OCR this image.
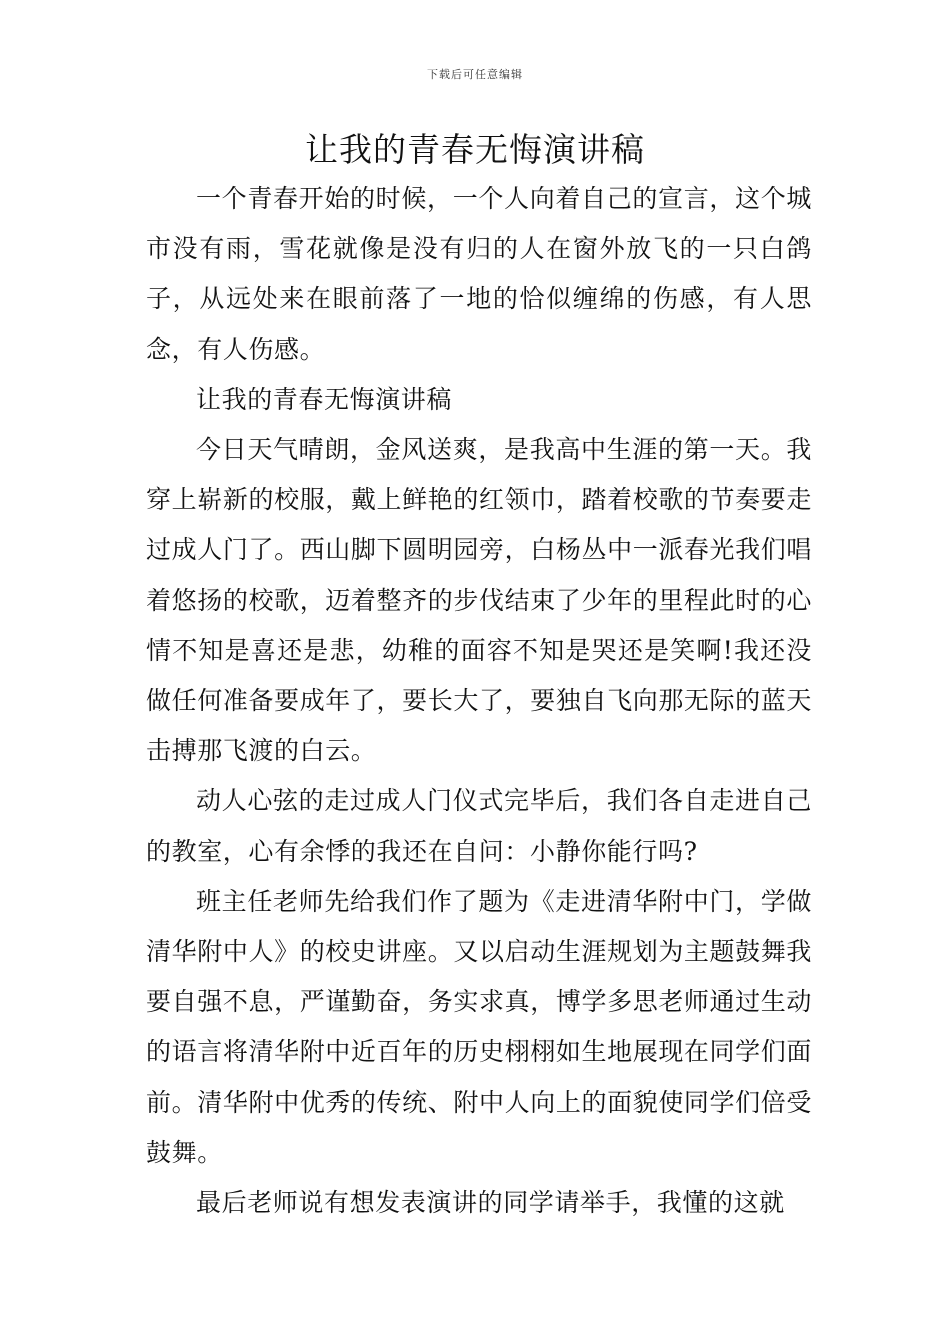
下载后可任意编辑
让我的青春无悔演讲稿

一个青春开始的时候，一个人向着自己的宣言，这个城市没有雨，雪花就像是没有归的人在窗外放飞的一只白鸽子，从远处来在眼前落了一地的恰似缠绵的伤感，有人思念，有人伤感。

让我的青春无悔演讲稿

今日天气晴朗，金风送爽，是我高中生涯的第一天。我穿上崭新的校服，戴上鲜艳的红领巾，踏着校歌的节奏要走过成人门了。西山脚下圆明园旁，白杨丛中一派春光我们唱着悠扬的校歌，迈着整齐的步伐结束了少年的里程此时的心情不知是喜还是悲，幼稚的面容不知是哭还是笑啊!我还没做任何准备要成年了，要长大了，要独自飞向那无际的蓝天击搏那飞渡的白云。

动人心弦的走过成人门仪式完毕后，我们各自走进自己的教室，心有余悸的我还在自问：小静你能行吗?

班主任老师先给我们作了题为《走进清华附中门，学做清华附中人》的校史讲座。又以启动生涯规划为主题鼓舞我要自强不息，严谨勤奋，务实求真，博学多思老师通过生动的语言将清华附中近百年的历史栩栩如生地展现在同学们面前。清华附中优秀的传统、附中人向上的面貌使同学们倍受鼓舞。

最后老师说有想发表演讲的同学请举手，我懂的这就
